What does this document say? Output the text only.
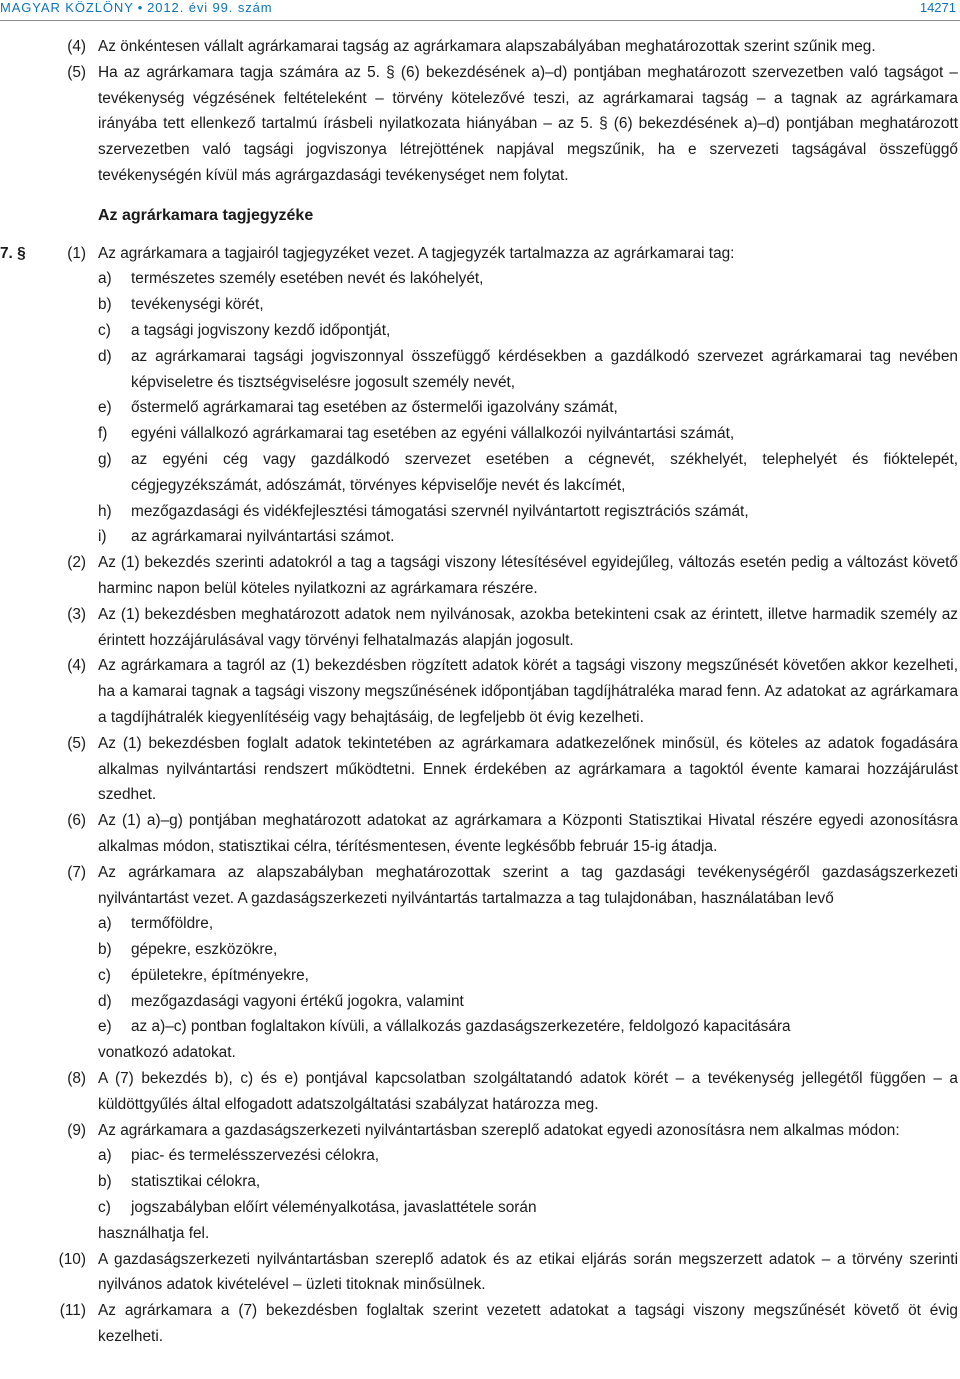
MAGYAR KÖZLÖNY • 2012. évi 99. szám	14271
(4) Az önkéntesen vállalt agrárkamarai tagság az agrárkamara alapszabályában meghatározottak szerint szűnik meg.
(5) Ha az agrárkamara tagja számára az 5. § (6) bekezdésének a)–d) pontjában meghatározott szervezetben való tagságot – tevékenység végzésének feltételeként – törvény kötelezővé teszi, az agrárkamarai tagság – a tagnak az agrárkamara irányába tett ellenkező tartalmú írásbeli nyilatkozata hiányában – az 5. § (6) bekezdésének a)–d) pontjában meghatározott szervezetben való tagsági jogviszonya létrejöttének napjával megszűnik, ha e szervezeti tagságával összefüggő tevékenységén kívül más agrárgazdasági tevékenységet nem folytat.
Az agrárkamara tagjegyzéke
7. §	(1) Az agrárkamara a tagjairól tagjegyzéket vezet. A tagjegyzék tartalmazza az agrárkamarai tag:
a) természetes személy esetében nevét és lakóhelyét,
b) tevékenységi körét,
c) a tagsági jogviszony kezdő időpontját,
d) az agrárkamarai tagsági jogviszonnyal összefüggő kérdésekben a gazdálkodó szervezet agrárkamarai tag nevében képviseletre és tisztségviselésre jogosult személy nevét,
e) őstermelő agrárkamarai tag esetében az őstermelői igazolvány számát,
f) egyéni vállalkozó agrárkamarai tag esetében az egyéni vállalkozói nyilvántartási számát,
g) az egyéni cég vagy gazdálkodó szervezet esetében a cégnevét, székhelyét, telephelyét és fióktelepét, cégjegyzékszámát, adószámát, törvényes képviselője nevét és lakcímét,
h) mezőgazdasági és vidékfejlesztési támogatási szervnél nyilvántartott regisztrációs számát,
i) az agrárkamarai nyilvántartási számot.
(2) Az (1) bekezdés szerinti adatokról a tag a tagsági viszony létesítésével egyidejűleg, változás esetén pedig a változást követő harminc napon belül köteles nyilatkozni az agrárkamara részére.
(3) Az (1) bekezdésben meghatározott adatok nem nyilvánosak, azokba betekinteni csak az érintett, illetve harmadik személy az érintett hozzájárulásával vagy törvényi felhatalmazás alapján jogosult.
(4) Az agrárkamara a tagról az (1) bekezdésben rögzített adatok körét a tagsági viszony megszűnését követően akkor kezelheti, ha a kamarai tagnak a tagsági viszony megszűnésének időpontjában tagdíjhátraléka marad fenn. Az adatokat az agrárkamara a tagdíjhátralék kiegyenlítéséig vagy behajtásáig, de legfeljebb öt évig kezelheti.
(5) Az (1) bekezdésben foglalt adatok tekintetében az agrárkamara adatkezelőnek minősül, és köteles az adatok fogadására alkalmas nyilvántartási rendszert működtetni. Ennek érdekében az agrárkamara a tagoktól évente kamarai hozzájárulást szedhet.
(6) Az (1) a)–g) pontjában meghatározott adatokat az agrárkamara a Központi Statisztikai Hivatal részére egyedi azonosításra alkalmas módon, statisztikai célra, térítésmentesen, évente legkésőbb február 15-ig átadja.
(7) Az agrárkamara az alapszabályban meghatározottak szerint a tag gazdasági tevékenységéről gazdaságszerkezeti nyilvántartást vezet. A gazdaságszerkezeti nyilvántartás tartalmazza a tag tulajdonában, használatában levő
a) termőföldre,
b) gépekre, eszközökre,
c) épületekre, építményekre,
d) mezőgazdasági vagyoni értékű jogokra, valamint
e) az a)–c) pontban foglaltakon kívüli, a vállalkozás gazdaságszerkezetére, feldolgozó kapacitására
vonatkozó adatokat.
(8) A (7) bekezdés b), c) és e) pontjával kapcsolatban szolgáltatandó adatok körét – a tevékenység jellegétől függően – a küldöttgyűlés által elfogadott adatszolgáltatási szabályzat határozza meg.
(9) Az agrárkamara a gazdaságszerkezeti nyilvántartásban szereplő adatokat egyedi azonosításra nem alkalmas módon:
a) piac- és termelésszervezési célokra,
b) statisztikai célokra,
c) jogszabályban előírt véleményalkotása, javaslattétele során
használhatja fel.
(10) A gazdaságszerkezeti nyilvántartásban szereplő adatok és az etikai eljárás során megszerzett adatok – a törvény szerinti nyilvános adatok kivételével – üzleti titoknak minősülnek.
(11) Az agrárkamara a (7) bekezdésben foglaltak szerint vezetett adatokat a tagsági viszony megszűnését követő öt évig kezelheti.
